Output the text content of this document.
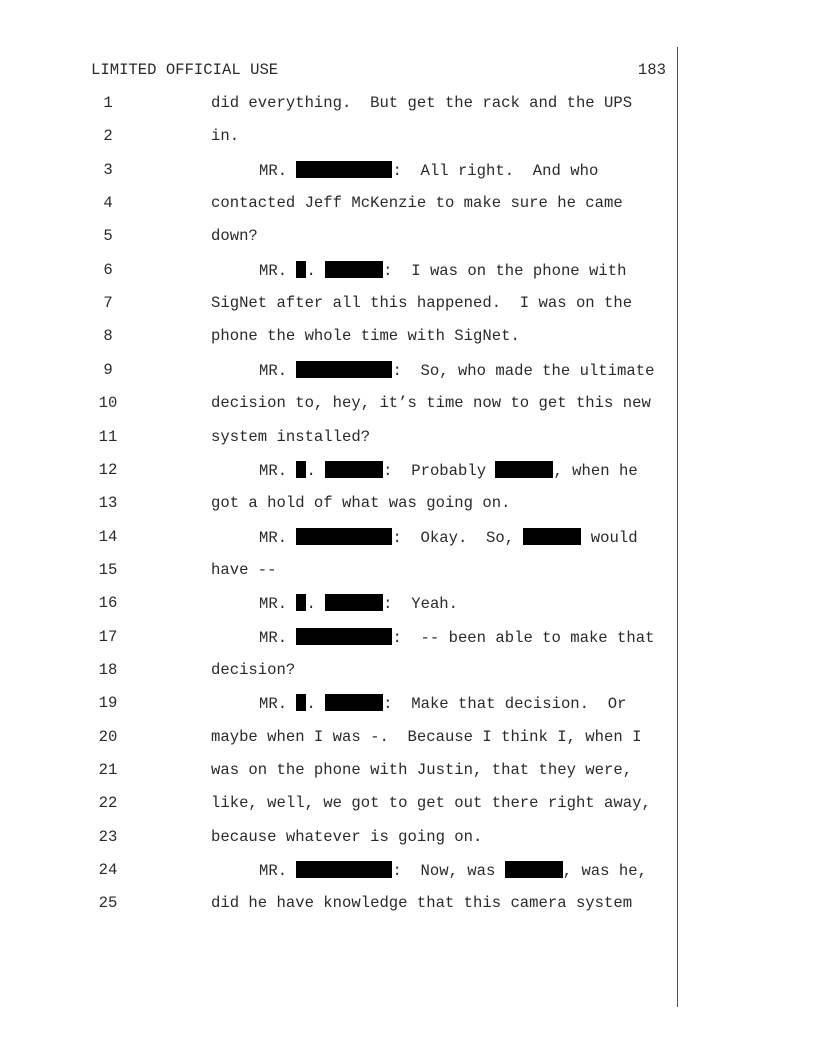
LIMITED OFFICIAL USE	183
1	did everything.  But get the rack and the UPS
2	in.
3	MR.	:  All right.  And who
4	contacted Jeff McKenzie to make sure he came
5	down?
6	MR. .	:  I was on the phone with
7	SigNet after all this happened.  I was on the
8	phone the whole time with SigNet.
9	MR.	:  So, who made the ultimate
10	decision to, hey, it’s time now to get this new
11	system installed?
12	MR. .	:  Probably	, when he
13	got a hold of what was going on.
14	MR.	:  Okay.  So,	would
15	have --
16	MR. .	:  Yeah.
17	MR.	:  -- been able to make that
18	decision?
19	MR. .	:  Make that decision.  Or
20	maybe when I was -.  Because I think I, when I
21	was on the phone with Justin, that they were,
22	like, well, we got to get out there right away,
23	because whatever is going on.
24	MR.	:  Now, was	, was he,
25	did he have knowledge that this camera system
